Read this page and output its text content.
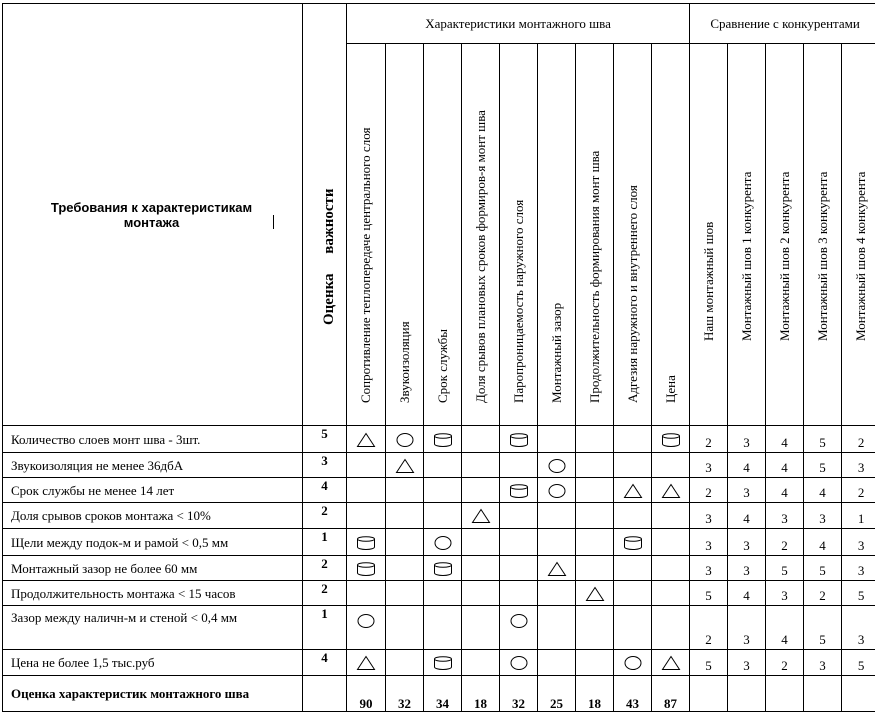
Требования к характеристикам монтажа	Оценка важности	Характеристики монтажного шва									Сравнение с конкурентами				

		Сопротивление теплопередаче центрального слоя	Звукоизоляция	Срок службы	Доля срывов плановых сроков формиров-я монт шва	Паропроницаемость наружного слоя	Монтажный зазор	Продолжительность формирования монт шва	Адгезия наружного и внутреннего слоя	Цена	Наш монтажный шов	Монтажный шов 1 конкурента	Монтажный шов 2 конкурента	Монтажный шов 3 конкурента	Монтажный шов 4 конкурента

Количество слоев монт шва - 3шт.	5										2	3	4	5	2
Звукоизоляция не менее 36дбА	3										3	4	4	5	3
Срок службы не менее 14 лет	4										2	3	4	4	2
Доля срывов сроков монтажа < 10%	2										3	4	3	3	1
Щели между подок-м и рамой < 0,5 мм	1										3	3	2	4	3
Монтажный зазор не более 60 мм	2										3	3	5	5	3
Продолжительность монтажа < 15 часов	2										5	4	3	2	5
Зазор между наличн-м и стеной < 0,4 мм	1										2	3	4	5	3
Цена не более 1,5 тыс.руб	4										5	3	2	3	5
Оценка характеристик монтажного шва		90	32	34	18	32	25	18	43	87					
